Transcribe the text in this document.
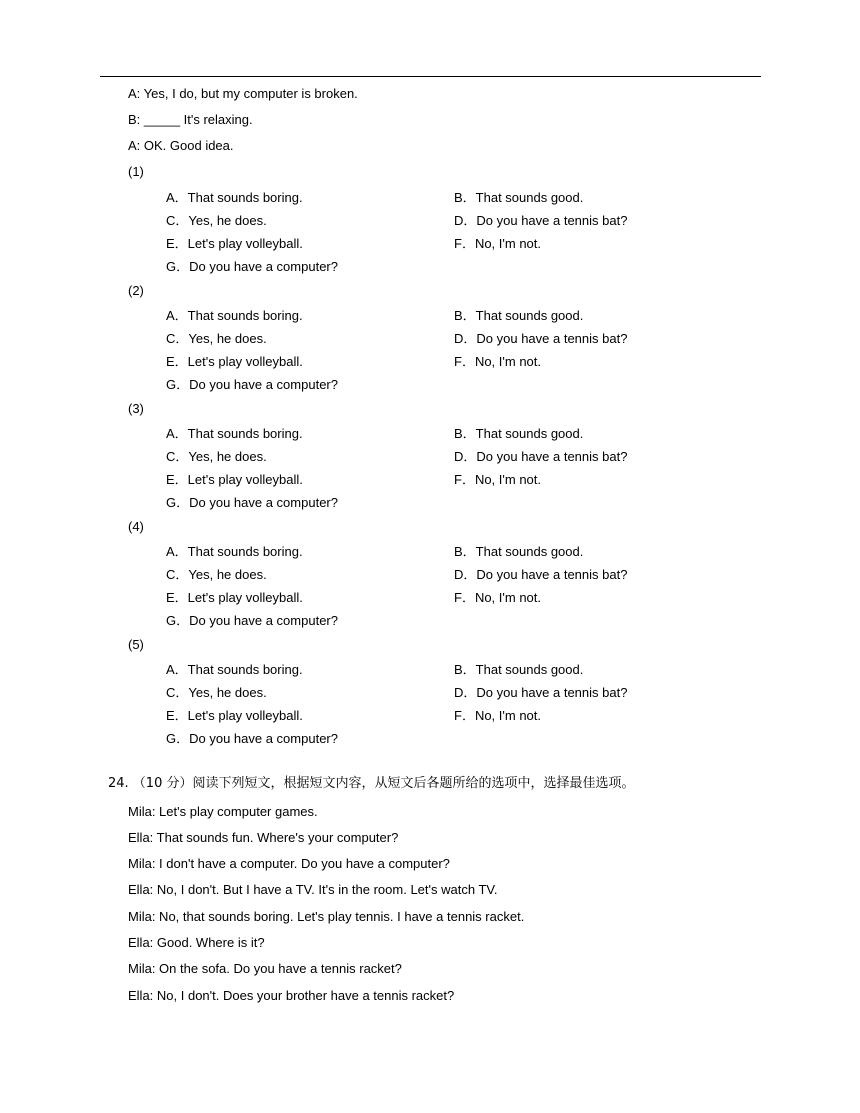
A: Yes, I do, but my computer is broken.
B: _____ It's relaxing.
A: OK. Good idea.
(1)
A．That sounds boring.	B．That sounds good.
C．Yes, he does.	D．Do you have a tennis bat?
E．Let's play volleyball.	F．No, I'm not.
G．Do you have a computer?
(2)
A．That sounds boring.	B．That sounds good.
C．Yes, he does.	D．Do you have a tennis bat?
E．Let's play volleyball.	F．No, I'm not.
G．Do you have a computer?
(3)
A．That sounds boring.	B．That sounds good.
C．Yes, he does.	D．Do you have a tennis bat?
E．Let's play volleyball.	F．No, I'm not.
G．Do you have a computer?
(4)
A．That sounds boring.	B．That sounds good.
C．Yes, he does.	D．Do you have a tennis bat?
E．Let's play volleyball.	F．No, I'm not.
G．Do you have a computer?
(5)
A．That sounds boring.	B．That sounds good.
C．Yes, he does.	D．Do you have a tennis bat?
E．Let's play volleyball.	F．No, I'm not.
G．Do you have a computer?
24. （10 分）阅读下列短文，根据短文内容，从短文后各题所给的选项中，选择最佳选项。
Mila: Let's play computer games.
Ella: That sounds fun. Where's your computer?
Mila: I don't have a computer. Do you have a computer?
Ella: No, I don't. But I have a TV. It's in the room. Let's watch TV.
Mila: No, that sounds boring. Let's play tennis. I have a tennis racket.
Ella: Good. Where is it?
Mila: On the sofa. Do you have a tennis racket?
Ella: No, I don't. Does your brother have a tennis racket?
